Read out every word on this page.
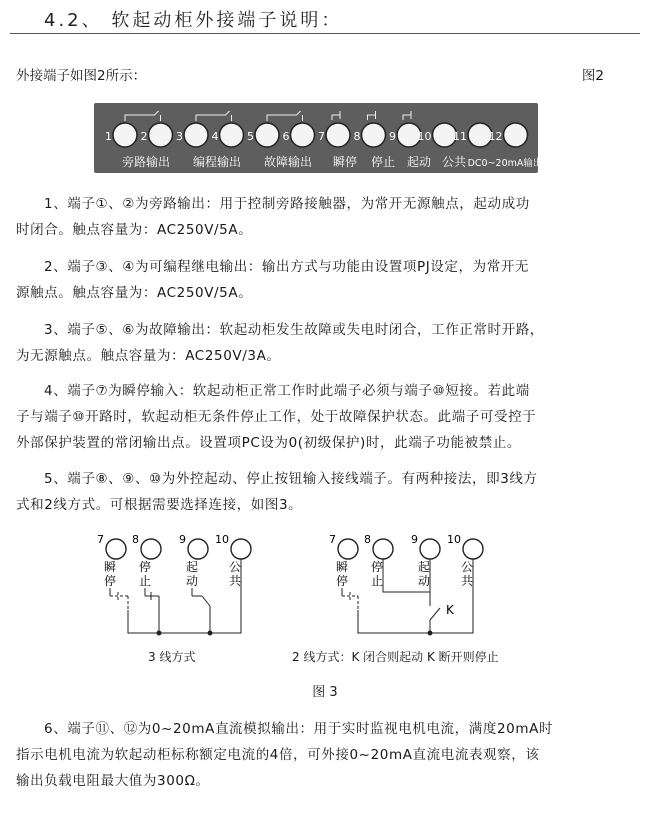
4.2、 软起动柜外接端子说明：
外接端子如图2所示：	图2
1	2	3	4	5	6	7	8	9 10 11 12
旁路输出 编程输出 故障输出 瞬停 停止 起动 公共 DC0~20mA输出
1、端子①、②为旁路输出：用于控制旁路接触器，为常开无源触点，起动成功
时闭合。触点容量为：AC250V/5A。
2、端子③、④为可编程继电输出：输出方式与功能由设置项PJ设定，为常开无
源触点。触点容量为：AC250V/5A。
3、端子⑤、⑥为故障输出：软起动柜发生故障或失电时闭合，工作正常时开路，
为无源触点。触点容量为：AC250V/3A。
4、端子⑦为瞬停输入：软起动柜正常工作时此端子必须与端子⑩短接。若此端
子与端子⑩开路时，软起动柜无条件停止工作，处于故障保护状态。此端子可受控于
外部保护装置的常闭输出点。设置项PC设为0(初级保护)时，此端子功能被禁止。
5、端子⑧、⑨、⑩为外控起动、停止按钮输入接线端子。有两种接法，即3线方
式和2线方式。可根据需要选择连接，如图3。
6、端子⑪、⑫为0~20mA直流模拟输出：用于实时监视电机电流，满度20mA时
指示电机电流为软起动柜标称额定电流的4倍，可外接0~20mA直流电流表观察，该
输出负载电阻最大值为300Ω。
7
瞬
停
8
停
止
9
起
动
10
公
共
7
瞬
停
8
停
止
9
起
动
10
公
共
K
3 线方式	2 线方式：K 闭合则起动 K 断开则停止
图 3
